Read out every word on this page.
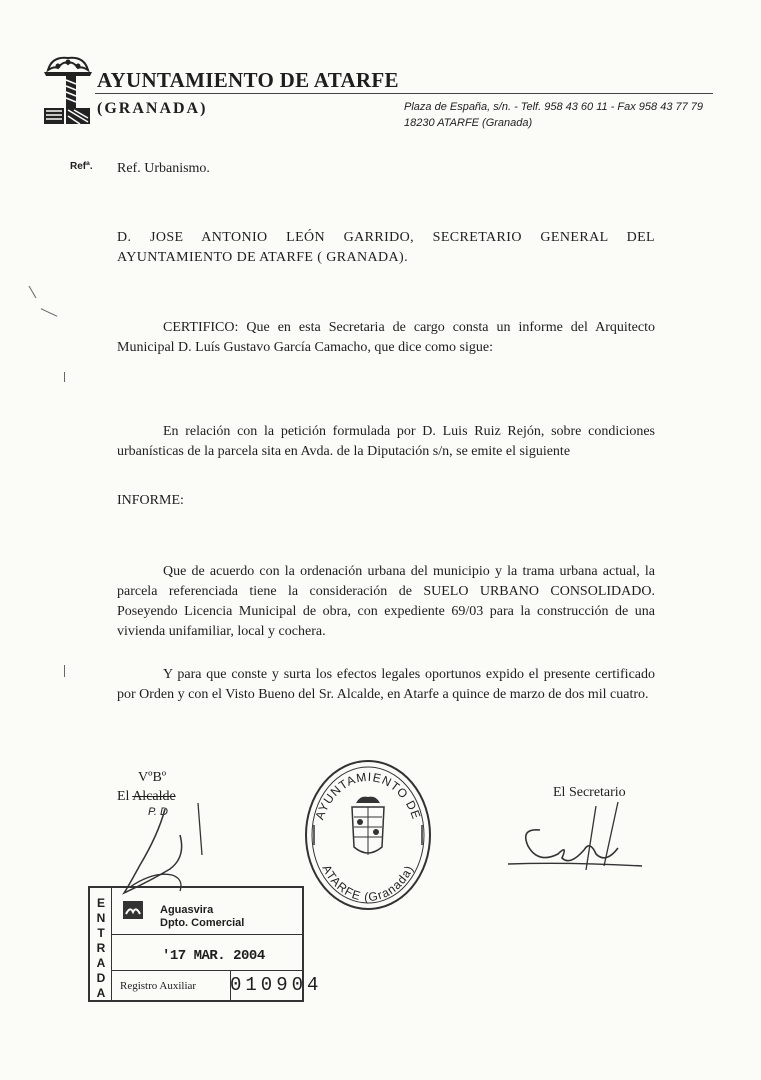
AYUNTAMIENTO DE ATARFE
(GRANADA)	Plaza de España, s/n. - Telf. 958 43 60 11 - Fax 958 43 77 79
18230 ATARFE (Granada)
Refª. Ref. Urbanismo.
D. JOSE ANTONIO LEÓN GARRIDO, SECRETARIO GENERAL DEL AYUNTAMIENTO DE ATARFE ( GRANADA).
CERTIFICO: Que en esta Secretaria de cargo consta un informe del Arquitecto Municipal D. Luís Gustavo García Camacho, que dice como sigue:
En relación con la petición formulada por D. Luis Ruiz Rejón, sobre condiciones urbanísticas de la parcela sita en Avda. de la Diputación s/n, se emite el siguiente
INFORME:
Que de acuerdo con la ordenación urbana del municipio y la trama urbana actual, la parcela referenciada tiene la consideración de SUELO URBANO CONSOLIDADO. Poseyendo Licencia Municipal de obra, con expediente 69/03 para la construcción de una vivienda unifamiliar, local y cochera.
Y para que conste y surta los efectos legales oportunos expido el presente certificado por Orden y con el Visto Bueno del Sr. Alcalde, en Atarfe a quince de marzo de dos mil cuatro.
VºBº
El Alcalde
P. D
El Secretario
AYUNTAMIENTO DE
ATARFE (Granada)
E
N
T
R
A
D
A
Aguasvira
Dpto. Comercial
'17 MAR. 2004
Registro Auxiliar 010904
